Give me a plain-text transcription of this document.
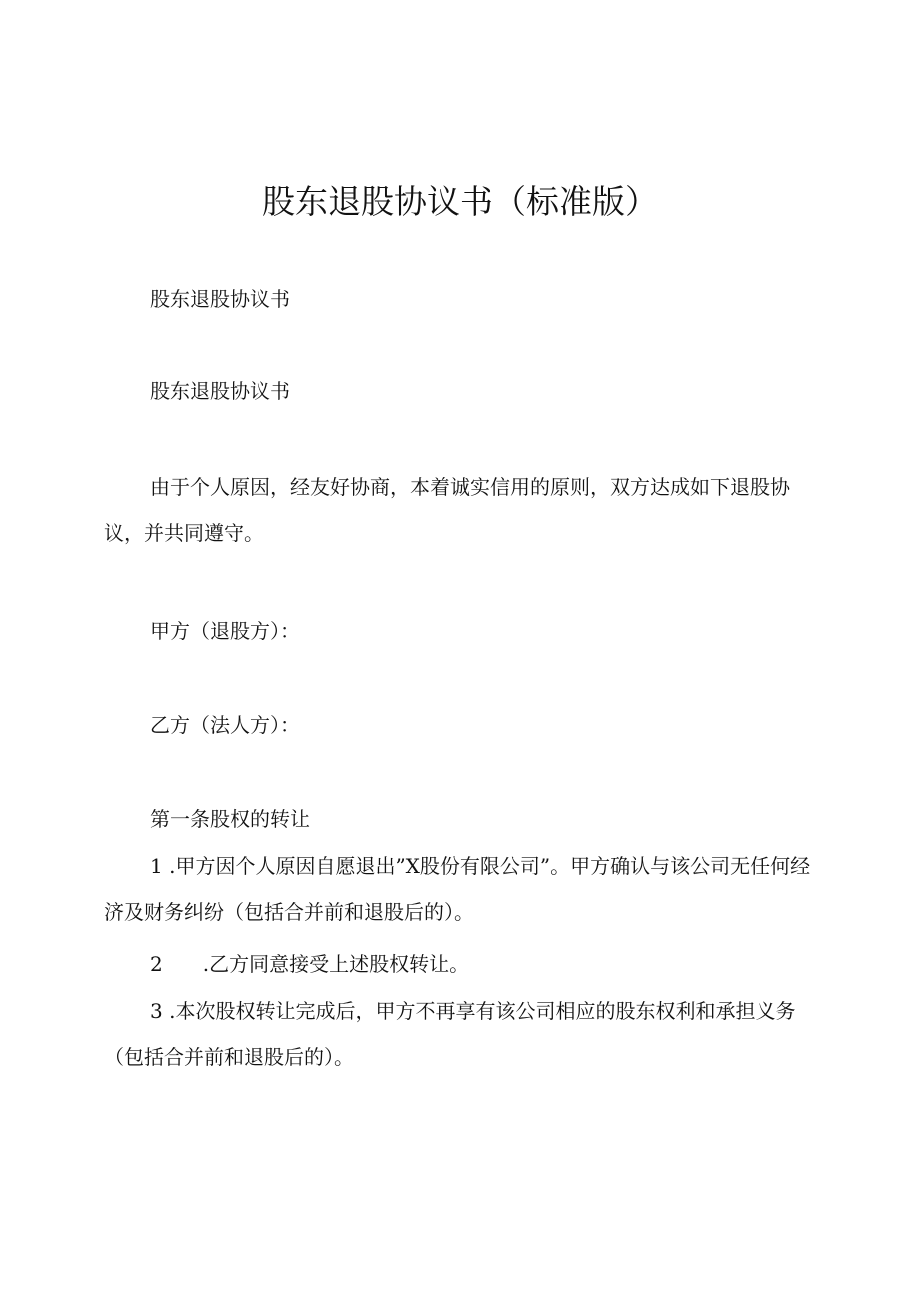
股东退股协议书（标准版）
股东退股协议书
股东退股协议书
由于个人原因，经友好协商，本着诚实信用的原则，双方达成如下退股协议，并共同遵守。
甲方（退股方）：
乙方（法人方）：
第一条股权的转让
1 .甲方因个人原因自愿退出”X股份有限公司”。甲方确认与该公司无任何经济及财务纠纷（包括合并前和退股后的）。
2 .乙方同意接受上述股权转让。
3 .本次股权转让完成后，甲方不再享有该公司相应的股东权利和承担义务（包括合并前和退股后的）。
